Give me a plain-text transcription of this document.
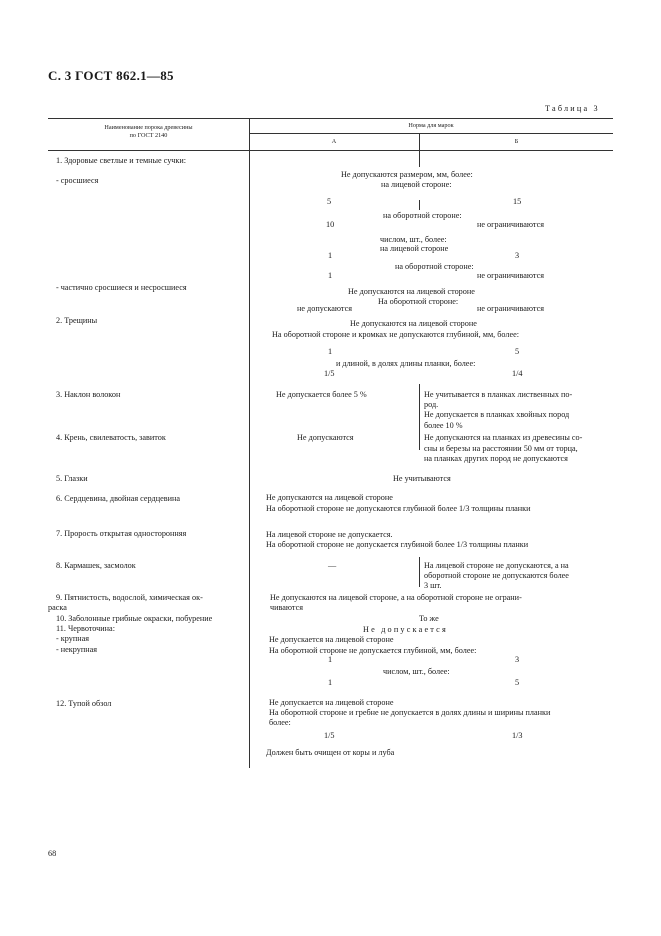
С. 3 ГОСТ 862.1—85
Таблица 3
Наименование порока древесины
по ГОСТ 2140
Норма для марок
А	Б
1. Здоровые светлые и темные сучки:
- сросшиеся
Не допускаются размером, мм, более:
на лицевой стороне:
5	15
на оборотной стороне:
10	не ограничиваются
числом, шт., более:
на лицевой стороне
1	3
на оборотной стороне:
1	не ограничиваются
- частично сросшиеся и несросшиеся	Не допускаются на лицевой стороне
На оборотной стороне:
не допускаются	не ограничиваются
2. Трещины	Не допускаются на лицевой стороне
На оборотной стороне и кромках не допускаются глубиной, мм, более:
1	5
и длиной, в долях длины планки, более:
1/5	1/4
3. Наклон волокон	Не допускается более 5 %	Не учитывается в планках лиственных по-
род.
Не допускается в планках хвойных пород
более 10 %
4. Крень, свилеватость, завиток	Не допускаются	Не допускаются на планках из древесины со-
сны и березы на расстоянии 50 мм от торца,
на планках других пород не допускаются
5. Глазки	Не учитываются
6. Сердцевина, двойная сердцевина	Не допускаются на лицевой стороне
На оборотной стороне не допускаются глубиной более 1/3 толщины планки
7. Прорость открытая односторонняя	На лицевой стороне не допускается.
На оборотной стороне не допускается глубиной более 1/3 толщины планки
8. Кармашек, засмолок	—	На лицевой стороне не допускаются, а на
оборотной стороне не допускаются более
3 шт.
9. Пятнистость, водослой, химическая ок-
раска
Не допускаются на лицевой стороне, а на оборотной стороне не ограни-
чиваются
10. Заболонные грибные окраски, побурение	То же
11. Червоточина:	Не допускается
- крупная	Не допускается на лицевой стороне
- некрупная	На оборотной стороне не допускается глубиной, мм, более:
1	3
числом, шт., более:
1	5
12. Тупой обзол	Не допускается на лицевой стороне
На оборотной стороне и гребне не допускается в долях длины и ширины планки
более:
1/5	1/3
Должен быть очищен от коры и луба
68
